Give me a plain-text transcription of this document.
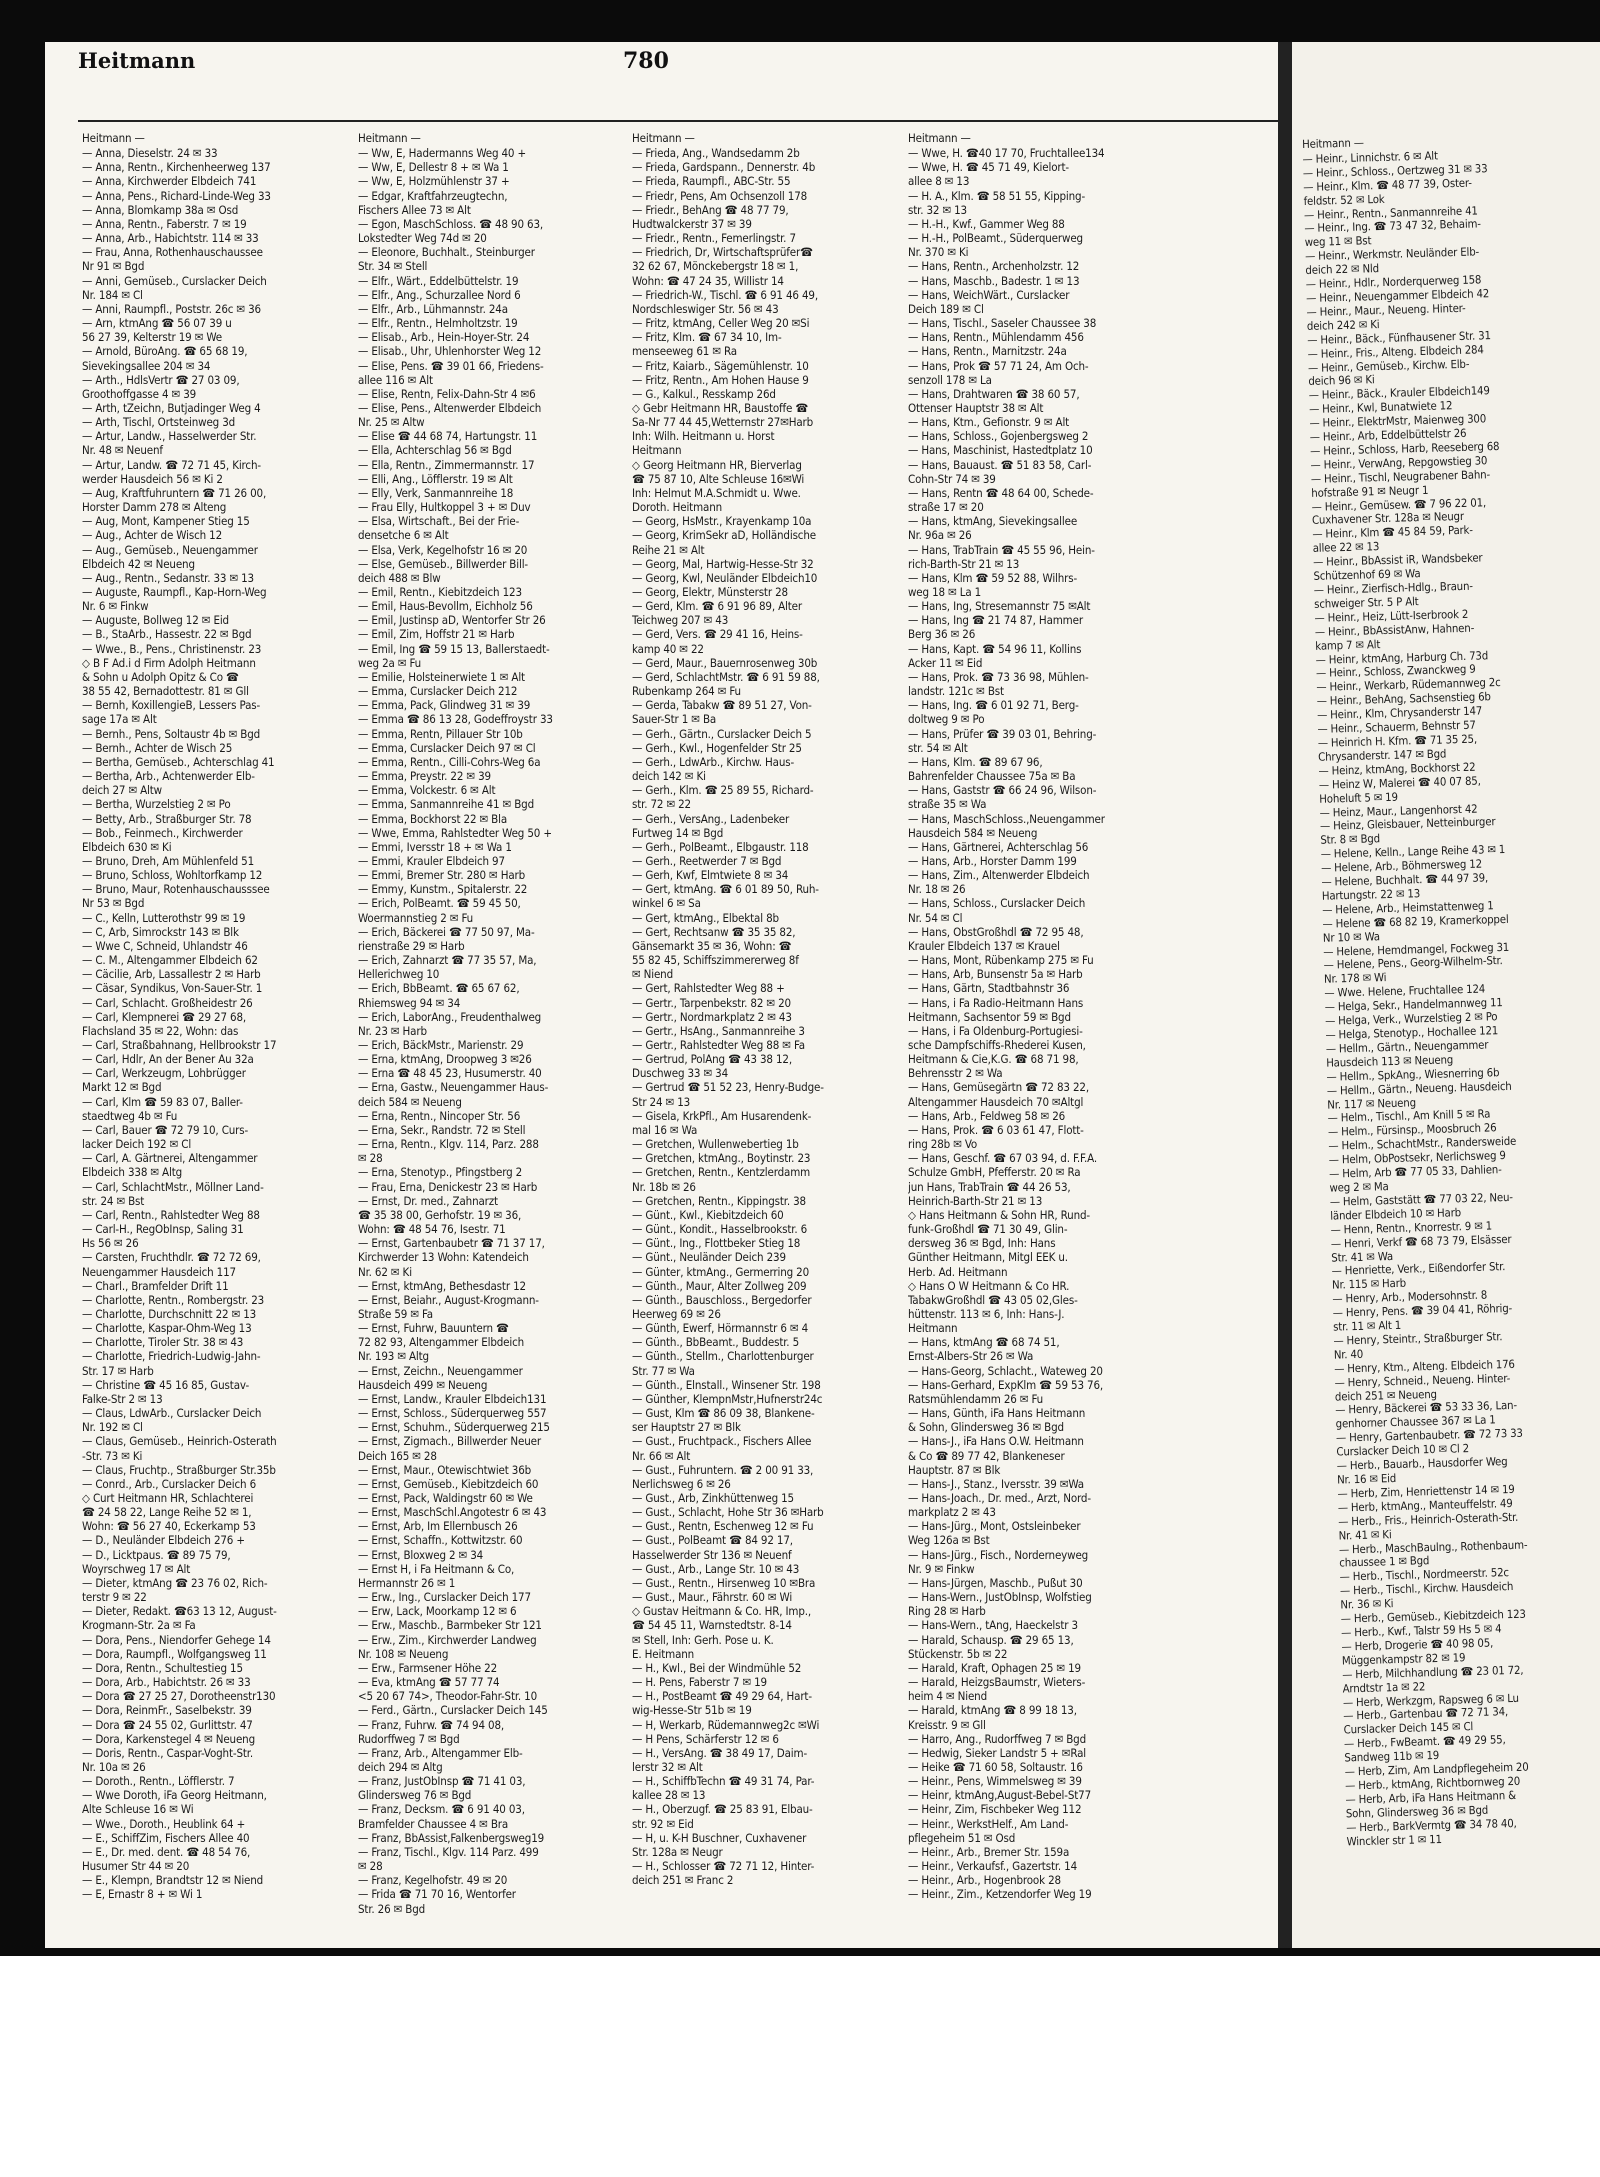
Heitmann	780
Heitmann —
— Anna, Dieselstr. 24 ✉ 33
— Anna, Rentn., Kirchenheerweg 137
— Anna, Kirchwerder Elbdeich 741
— Anna, Pens., Richard-Linde-Weg 33
— Anna, Blomkamp 38a ✉ Osd
— Anna, Rentn., Faberstr. 7 ✉ 19
— Anna, Arb., Habichtstr. 114 ✉ 33
— Frau, Anna, Rothenhauschaussee
Nr 91 ✉ Bgd
— Anni, Gemüseb., Curslacker Deich
Nr. 184 ✉ Cl
— Anni, Raumpfl., Poststr. 26c ✉ 36
— Arn, ktmAng ☎ 56 07 39 u
56 27 39, Kelterstr 19 ✉ We
— Arnold, BüroAng. ☎ 65 68 19,
Sievekingsallee 204 ✉ 34
— Arth., HdlsVertr ☎ 27 03 09,
Groothoffgasse 4 ✉ 39
— Arth, tZeichn, Butjadinger Weg 4
— Arth, Tischl, Ortsteinweg 3d
— Artur, Landw., Hasselwerder Str.
Nr. 48 ✉ Neuenf
— Artur, Landw. ☎ 72 71 45, Kirch-
werder Hausdeich 56 ✉ Ki 2
— Aug, Kraftfuhruntern ☎ 71 26 00,
Horster Damm 278 ✉ Alteng
— Aug, Mont, Kampener Stieg 15
— Aug., Achter de Wisch 12
— Aug., Gemüseb., Neuengammer
Elbdeich 42 ✉ Neueng
— Aug., Rentn., Sedanstr. 33 ✉ 13
— Auguste, Raumpfl., Kap-Horn-Weg
Nr. 6 ✉ Finkw
— Auguste, Bollweg 12 ✉ Eid
— B., StaArb., Hassestr. 22 ✉ Bgd
— Wwe., B., Pens., Christinenstr. 23
◇ B F Ad.i d Firm Adolph Heitmann
& Sohn u Adolph Opitz & Co ☎
38 55 42, Bernadottestr. 81 ✉ Gll
— Bernh, KoxillengieB, Lessers Pas-
sage 17a ✉ Alt
— Bernh., Pens, Soltaustr 4b ✉ Bgd
— Bernh., Achter de Wisch 25
— Bertha, Gemüseb., Achterschlag 41
— Bertha, Arb., Achtenwerder Elb-
deich 27 ✉ Altw
— Bertha, Wurzelstieg 2 ✉ Po
— Betty, Arb., Straßburger Str. 78
— Bob., Feinmech., Kirchwerder
Elbdeich 630 ✉ Ki
— Bruno, Dreh, Am Mühlenfeld 51
— Bruno, Schloss, Wohltorfkamp 12
— Bruno, Maur, Rotenhauschausssee
Nr 53 ✉ Bgd
— C., Kelln, Lutterothstr 99 ✉ 19
— C, Arb, Simrockstr 143 ✉ Blk
— Wwe C, Schneid, Uhlandstr 46
— C. M., Altengammer Elbdeich 62
— Cäcilie, Arb, Lassallestr 2 ✉ Harb
— Cäsar, Syndikus, Von-Sauer-Str. 1
— Carl, Schlacht. Großheidestr 26
— Carl, Klempnerei ☎ 29 27 68,
Flachsland 35 ✉ 22, Wohn: das
— Carl, Straßbahnang, Hellbrookstr 17
— Carl, Hdlr, An der Bener Au 32a
— Carl, Werkzeugm, Lohbrügger
Markt 12 ✉ Bgd
— Carl, Klm ☎ 59 83 07, Baller-
staedtweg 4b ✉ Fu
— Carl, Bauer ☎ 72 79 10, Curs-
lacker Deich 192 ✉ Cl
— Carl, A. Gärtnerei, Altengammer
Elbdeich 338 ✉ Altg
— Carl, SchlachtMstr., Möllner Land-
str. 24 ✉ Bst
— Carl, Rentn., Rahlstedter Weg 88
— Carl-H., RegObInsp, Saling 31
Hs 56 ✉ 26
— Carsten, Fruchthdlr. ☎ 72 72 69,
Neuengammer Hausdeich 117
— Charl., Bramfelder Drift 11
— Charlotte, Rentn., Rombergstr. 23
— Charlotte, Durchschnitt 22 ✉ 13
— Charlotte, Kaspar-Ohm-Weg 13
— Charlotte, Tiroler Str. 38 ✉ 43
— Charlotte, Friedrich-Ludwig-Jahn-
Str. 17 ✉ Harb
— Christine ☎ 45 16 85, Gustav-
Falke-Str 2 ✉ 13
— Claus, LdwArb., Curslacker Deich
Nr. 192 ✉ Cl
— Claus, Gemüseb., Heinrich-Osterath
-Str. 73 ✉ Ki
— Claus, Fruchtp., Straßburger Str.35b
— Conrd., Arb., Curslacker Deich 6
◇ Curt Heitmann HR, Schlachterei
☎ 24 58 22, Lange Reihe 52 ✉ 1,
Wohn: ☎ 56 27 40, Eckerkamp 53
— D., Neuländer Elbdeich 276 +
— D., Licktpaus. ☎ 89 75 79,
Woyrschweg 17 ✉ Alt
— Dieter, ktmAng ☎ 23 76 02, Rich-
terstr 9 ✉ 22
— Dieter, Redakt. ☎63 13 12, August-
Krogmann-Str. 2a ✉ Fa
— Dora, Pens., Niendorfer Gehege 14
— Dora, Raumpfl., Wolfgangsweg 11
— Dora, Rentn., Schultestieg 15
— Dora, Arb., Habichtstr. 26 ✉ 33
— Dora ☎ 27 25 27, Dorotheenstr130
— Dora, ReinmFr., Saselbekstr. 39
— Dora ☎ 24 55 02, Gurlittstr. 47
— Dora, Karkenstegel 4 ✉ Neueng
— Doris, Rentn., Caspar-Voght-Str.
Nr. 10a ✉ 26
— Doroth., Rentn., Löfflerstr. 7
— Wwe Doroth, iFa Georg Heitmann,
Alte Schleuse 16 ✉ Wi
— Wwe., Doroth., Heublink 64 +
— E., SchiffZim, Fischers Allee 40
— E., Dr. med. dent. ☎ 48 54 76,
Husumer Str 44 ✉ 20
— E., Klempn, Brandtstr 12 ✉ Niend
— E, Ernastr 8 + ✉ Wi 1
Heitmann —
— Ww, E, Hadermanns Weg 40 +
— Ww, E, Dellestr 8 + ✉ Wa 1
— Ww, E, Holzmühlenstr 37 +
— Edgar, Kraftfahrzeugtechn,
Fischers Allee 73 ✉ Alt
— Egon, MaschSchloss. ☎ 48 90 63,
Lokstedter Weg 74d ✉ 20
— Eleonore, Buchhalt., Steinburger
Str. 34 ✉ Stell
— Elfr., Wärt., Eddelbüttelstr. 19
— Elfr., Ang., Schurzallee Nord 6
— Elfr., Arb., Lühmannstr. 24a
— Elfr., Rentn., Helmholtzstr. 19
— Elisab., Arb., Hein-Hoyer-Str. 24
— Elisab., Uhr, Uhlenhorster Weg 12
— Elise, Pens. ☎ 39 01 66, Friedens-
allee 116 ✉ Alt
— Elise, Rentn, Felix-Dahn-Str 4 ✉6
— Elise, Pens., Altenwerder Elbdeich
Nr. 25 ✉ Altw
— Elise ☎ 44 68 74, Hartungstr. 11
— Ella, Achterschlag 56 ✉ Bgd
— Ella, Rentn., Zimmermannstr. 17
— Elli, Ang., Löfflerstr. 19 ✉ Alt
— Elly, Verk, Sanmannreihe 18
— Frau Elly, Hultkoppel 3 + ✉ Duv
— Elsa, Wirtschaft., Bei der Frie-
densetche 6 ✉ Alt
— Elsa, Verk, Kegelhofstr 16 ✉ 20
— Else, Gemüseb., Billwerder Bill-
deich 488 ✉ Blw
— Emil, Rentn., Kiebitzdeich 123
— Emil, Haus-Bevollm, Eichholz 56
— Emil, Justinsp aD, Wentorfer Str 26
— Emil, Zim, Hoffstr 21 ✉ Harb
— Emil, Ing ☎ 59 15 13, Ballerstaedt-
weg 2a ✉ Fu
— Emilie, Holsteinerwiete 1 ✉ Alt
— Emma, Curslacker Deich 212
— Emma, Pack, Glindweg 31 ✉ 39
— Emma ☎ 86 13 28, Godeffroystr 33
— Emma, Rentn, Pillauer Str 10b
— Emma, Curslacker Deich 97 ✉ Cl
— Emma, Rentn., Cilli-Cohrs-Weg 6a
— Emma, Preystr. 22 ✉ 39
— Emma, Volckestr. 6 ✉ Alt
— Emma, Sanmannreihe 41 ✉ Bgd
— Emma, Bockhorst 22 ✉ Bla
— Wwe, Emma, Rahlstedter Weg 50 +
— Emmi, Iversstr 18 + ✉ Wa 1
— Emmi, Krauler Elbdeich 97
— Emmi, Bremer Str. 280 ✉ Harb
— Emmy, Kunstm., Spitalerstr. 22
— Erich, PolBeamt. ☎ 59 45 50,
Woermannstieg 2 ✉ Fu
— Erich, Bäckerei ☎ 77 50 97, Ma-
rienstraße 29 ✉ Harb
— Erich, Zahnarzt ☎ 77 35 57, Ma,
Hellerichweg 10
— Erich, BbBeamt. ☎ 65 67 62,
Rhiemsweg 94 ✉ 34
— Erich, LaborAng., Freudenthalweg
Nr. 23 ✉ Harb
— Erich, BäckMstr., Marienstr. 29
— Erna, ktmAng, Droopweg 3 ✉26
— Erna ☎ 48 45 23, Husumerstr. 40
— Erna, Gastw., Neuengammer Haus-
deich 584 ✉ Neueng
— Erna, Rentn., Nincoper Str. 56
— Erna, Sekr., Randstr. 72 ✉ Stell
— Erna, Rentn., Klgv. 114, Parz. 288
✉ 28
— Erna, Stenotyp., Pfingstberg 2
— Frau, Erna, Denickestr 23 ✉ Harb
— Ernst, Dr. med., Zahnarzt
☎ 35 38 00, Gerhofstr. 19 ✉ 36,
Wohn: ☎ 48 54 76, Isestr. 71
— Ernst, Gartenbaubetr ☎ 71 37 17,
Kirchwerder 13 Wohn: Katendeich
Nr. 62 ✉ Ki
— Ernst, ktmAng, Bethesdastr 12
— Ernst, Beiahr., August-Krogmann-
Straße 59 ✉ Fa
— Ernst, Fuhrw, Bauuntern ☎
72 82 93, Altengammer Elbdeich
Nr. 193 ✉ Altg
— Ernst, Zeichn., Neuengammer
Hausdeich 499 ✉ Neueng
— Ernst, Landw., Krauler Elbdeich131
— Ernst, Schloss., Süderquerweg 557
— Ernst, Schuhm., Süderquerweg 215
— Ernst, Zigmach., Billwerder Neuer
Deich 165 ✉ 28
— Ernst, Maur., Otewischtwiet 36b
— Ernst, Gemüseb., Kiebitzdeich 60
— Ernst, Pack, Waldingstr 60 ✉ We
— Ernst, MaschSchl.Angotestr 6 ✉ 43
— Ernst, Arb, Im Ellernbusch 26
— Ernst, Schaffn., Kottwitzstr. 60
— Ernst, Bloxweg 2 ✉ 34
— Ernst H, i Fa Heitmann & Co,
Hermannstr 26 ✉ 1
— Erw., Ing., Curslacker Deich 177
— Erw, Lack, Moorkamp 12 ✉ 6
— Erw., Maschb., Barmbeker Str 121
— Erw., Zim., Kirchwerder Landweg
Nr. 108 ✉ Neueng
— Erw., Farmsener Höhe 22
— Eva, ktmAng ☎ 57 77 74
<5 20 67 74>, Theodor-Fahr-Str. 10
— Ferd., Gärtn., Curslacker Deich 145
— Franz, Fuhrw. ☎ 74 94 08,
Rudorffweg 7 ✉ Bgd
— Franz, Arb., Altengammer Elb-
deich 294 ✉ Altg
— Franz, JustObInsp ☎ 71 41 03,
Glindersweg 76 ✉ Bgd
— Franz, Decksm. ☎ 6 91 40 03,
Bramfelder Chaussee 4 ✉ Bra
— Franz, BbAssist,Falkenbergsweg19
— Franz, Tischl., Klgv. 114 Parz. 499
✉ 28
— Franz, Kegelhofstr. 49 ✉ 20
— Frida ☎ 71 70 16, Wentorfer
Str. 26 ✉ Bgd
Heitmann —
— Frieda, Ang., Wandsedamm 2b
— Frieda, Gardspann., Dennerstr. 4b
— Frieda, Raumpfl., ABC-Str. 55
— Friedr, Pens, Am Ochsenzoll 178
— Friedr., BehAng ☎ 48 77 79,
Hudtwalckerstr 37 ✉ 39
— Friedr., Rentn., Femerlingstr. 7
— Friedrich, Dr, Wirtschaftsprüfer☎
32 62 67, Mönckebergstr 18 ✉ 1,
Wohn: ☎ 47 24 35, Willistr 14
— Friedrich-W., Tischl. ☎ 6 91 46 49,
Nordschleswiger Str. 56 ✉ 43
— Fritz, ktmAng, Celler Weg 20 ✉Si
— Fritz, Klm. ☎ 67 34 10, Im-
menseeweg 61 ✉ Ra
— Fritz, Kaiarb., Sägemühlenstr. 10
— Fritz, Rentn., Am Hohen Hause 9
— G., Kalkul., Resskamp 26d
◇ Gebr Heitmann HR, Baustoffe ☎
Sa-Nr 77 44 45,Wetternstr 27✉Harb
Inh: Wilh. Heitmann u. Horst
Heitmann
◇ Georg Heitmann HR, Bierverlag
☎ 75 87 10, Alte Schleuse 16✉Wi
Inh: Helmut M.A.Schmidt u. Wwe.
Doroth. Heitmann
— Georg, HsMstr., Krayenkamp 10a
— Georg, KrimSekr aD, Holländische
Reihe 21 ✉ Alt
— Georg, Mal, Hartwig-Hesse-Str 32
— Georg, Kwl, Neuländer Elbdeich10
— Georg, Elektr, Münsterstr 28
— Gerd, Klm. ☎ 6 91 96 89, Alter
Teichweg 207 ✉ 43
— Gerd, Vers. ☎ 29 41 16, Heins-
kamp 40 ✉ 22
— Gerd, Maur., Bauernrosenweg 30b
— Gerd, SchlachtMstr. ☎ 6 91 59 88,
Rubenkamp 264 ✉ Fu
— Gerda, Tabakw ☎ 89 51 27, Von-
Sauer-Str 1 ✉ Ba
— Gerh., Gärtn., Curslacker Deich 5
— Gerh., Kwl., Hogenfelder Str 25
— Gerh., LdwArb., Kirchw. Haus-
deich 142 ✉ Ki
— Gerh., Klm. ☎ 25 89 55, Richard-
str. 72 ✉ 22
— Gerh., VersAng., Ladenbeker
Furtweg 14 ✉ Bgd
— Gerh., PolBeamt., Elbgaustr. 118
— Gerh., Reetwerder 7 ✉ Bgd
— Gerh, Kwf, Elmtwiete 8 ✉ 34
— Gert, ktmAng. ☎ 6 01 89 50, Ruh-
winkel 6 ✉ Sa
— Gert, ktmAng., Elbektal 8b
— Gert, Rechtsanw ☎ 35 35 82,
Gänsemarkt 35 ✉ 36, Wohn: ☎
55 82 45, Schiffszimmererweg 8f
✉ Niend
— Gert, Rahlstedter Weg 88 +
— Gertr., Tarpenbekstr. 82 ✉ 20
— Gertr., Nordmarkplatz 2 ✉ 43
— Gertr., HsAng., Sanmannreihe 3
— Gertr., Rahlstedter Weg 88 ✉ Fa
— Gertrud, PolAng ☎ 43 38 12,
Duschweg 33 ✉ 34
— Gertrud ☎ 51 52 23, Henry-Budge-
Str 24 ✉ 13
— Gisela, KrkPfl., Am Husarendenk-
mal 16 ✉ Wa
— Gretchen, Wullenwebertieg 1b
— Gretchen, ktmAng., Boytinstr. 23
— Gretchen, Rentn., Kentzlerdamm
Nr. 18b ✉ 26
— Gretchen, Rentn., Kippingstr. 38
— Günt., Kwl., Kiebitzdeich 60
— Günt., Kondit., Hasselbrookstr. 6
— Günt., Ing., Flottbeker Stieg 18
— Günt., Neuländer Deich 239
— Günter, ktmAng., Germerring 20
— Günth., Maur, Alter Zollweg 209
— Günth., Bauschloss., Bergedorfer
Heerweg 69 ✉ 26
— Günth, Ewerf, Hörmannstr 6 ✉ 4
— Günth., BbBeamt., Buddestr. 5
— Günth., Stellm., Charlottenburger
Str. 77 ✉ Wa
— Günth., Elnstall., Winsener Str. 198
— Günther, KlempnMstr,Hufnerstr24c
— Gust, Klm ☎ 86 09 38, Blankene-
ser Hauptstr 27 ✉ Blk
— Gust., Fruchtpack., Fischers Allee
Nr. 66 ✉ Alt
— Gust., Fuhruntern. ☎ 2 00 91 33,
Nerlichsweg 6 ✉ 26
— Gust., Arb, Zinkhüttenweg 15
— Gust., Schlacht, Hohe Str 36 ✉Harb
— Gust., Rentn, Eschenweg 12 ✉ Fu
— Gust., PolBeamt ☎ 84 92 17,
Hasselwerder Str 136 ✉ Neuenf
— Gust., Arb., Lange Str. 10 ✉ 43
— Gust., Rentn., Hirsenweg 10 ✉Bra
— Gust., Maur., Fährstr. 60 ✉ Wi
◇ Gustav Heitmann & Co. HR, Imp.,
☎ 54 45 11, Warnstedtstr. 8-14
✉ Stell, Inh: Gerh. Pose u. K.
E. Heitmann
— H., Kwl., Bei der Windmühle 52
— H. Pens, Faberstr 7 ✉ 19
— H., PostBeamt ☎ 49 29 64, Hart-
wig-Hesse-Str 51b ✉ 19
— H, Werkarb, Rüdemannweg2c ✉Wi
— H Pens, Schärferstr 12 ✉ 6
— H., VersAng. ☎ 38 49 17, Daim-
lerstr 32 ✉ Alt
— H., SchiffbTechn ☎ 49 31 74, Par-
kallee 28 ✉ 13
— H., Oberzugf. ☎ 25 83 91, Elbau-
str. 92 ✉ Eid
— H, u. K-H Buschner, Cuxhavener
Str. 128a ✉ Neugr
— H., Schlosser ☎ 72 71 12, Hinter-
deich 251 ✉ Franc 2
Heitmann —
— Wwe, H. ☎40 17 70, Fruchtallee134
— Wwe, H. ☎ 45 71 49, Kielort-
allee 8 ✉ 13
— H. A., Klm. ☎ 58 51 55, Kipping-
str. 32 ✉ 13
— H.-H., Kwf., Gammer Weg 88
— H.-H., PolBeamt., Süderquerweg
Nr. 370 ✉ Ki
— Hans, Rentn., Archenholzstr. 12
— Hans, Maschb., Badestr. 1 ✉ 13
— Hans, WeichWärt., Curslacker
Deich 189 ✉ Cl
— Hans, Tischl., Saseler Chaussee 38
— Hans, Rentn., Mühlendamm 456
— Hans, Rentn., Marnitzstr. 24a
— Hans, Prok ☎ 57 71 24, Am Och-
senzoll 178 ✉ La
— Hans, Drahtwaren ☎ 38 60 57,
Ottenser Hauptstr 38 ✉ Alt
— Hans, Ktm., Gefionstr. 9 ✉ Alt
— Hans, Schloss., Gojenbergsweg 2
— Hans, Maschinist, Hastedtplatz 10
— Hans, Bauaust. ☎ 51 83 58, Carl-
Cohn-Str 74 ✉ 39
— Hans, Rentn ☎ 48 64 00, Schede-
straße 17 ✉ 20
— Hans, ktmAng, Sievekingsallee
Nr. 96a ✉ 26
— Hans, TrabTrain ☎ 45 55 96, Hein-
rich-Barth-Str 21 ✉ 13
— Hans, Klm ☎ 59 52 88, Wilhrs-
weg 18 ✉ La 1
— Hans, Ing, Stresemannstr 75 ✉Alt
— Hans, Ing ☎ 21 74 87, Hammer
Berg 36 ✉ 26
— Hans, Kapt. ☎ 54 96 11, Kollins
Acker 11 ✉ Eid
— Hans, Prok. ☎ 73 36 98, Mühlen-
landstr. 121c ✉ Bst
— Hans, Ing. ☎ 6 01 92 71, Berg-
doltweg 9 ✉ Po
— Hans, Prüfer ☎ 39 03 01, Behring-
str. 54 ✉ Alt
— Hans, Klm. ☎ 89 67 96,
Bahrenfelder Chaussee 75a ✉ Ba
— Hans, Gaststr ☎ 66 24 96, Wilson-
straße 35 ✉ Wa
— Hans, MaschSchloss.,Neuengammer
Hausdeich 584 ✉ Neueng
— Hans, Gärtnerei, Achterschlag 56
— Hans, Arb., Horster Damm 199
— Hans, Zim., Altenwerder Elbdeich
Nr. 18 ✉ 26
— Hans, Schloss., Curslacker Deich
Nr. 54 ✉ Cl
— Hans, ObstGroßhdl ☎ 72 95 48,
Krauler Elbdeich 137 ✉ Krauel
— Hans, Mont, Rübenkamp 275 ✉ Fu
— Hans, Arb, Bunsenstr 5a ✉ Harb
— Hans, Gärtn, Stadtbahnstr 36
— Hans, i Fa Radio-Heitmann Hans
Heitmann, Sachsentor 59 ✉ Bgd
— Hans, i Fa Oldenburg-Portugiesi-
sche Dampfschiffs-Rhederei Kusen,
Heitmann & Cie,K.G. ☎ 68 71 98,
Behrensstr 2 ✉ Wa
— Hans, Gemüsegärtn ☎ 72 83 22,
Altengammer Hausdeich 70 ✉Altgl
— Hans, Arb., Feldweg 58 ✉ 26
— Hans, Prok. ☎ 6 03 61 47, Flott-
ring 28b ✉ Vo
— Hans, Geschf. ☎ 67 03 94, d. F.F.A.
Schulze GmbH, Pfefferstr. 20 ✉ Ra
jun Hans, TrabTrain ☎ 44 26 53,
Heinrich-Barth-Str 21 ✉ 13
◇ Hans Heitmann & Sohn HR, Rund-
funk-Großhdl ☎ 71 30 49, Glin-
dersweg 36 ✉ Bgd, Inh: Hans
Günther Heitmann, Mitgl EEK u.
Herb. Ad. Heitmann
◇ Hans O W Heitmann & Co HR.
TabakwGroßhdl ☎ 43 05 02,Gles-
hüttenstr. 113 ✉ 6, Inh: Hans-J.
Heitmann
— Hans, ktmAng ☎ 68 74 51,
Ernst-Albers-Str 26 ✉ Wa
— Hans-Georg, Schlacht., Wateweg 20
— Hans-Gerhard, ExpKlm ☎ 59 53 76,
Ratsmühlendamm 26 ✉ Fu
— Hans, Günth, iFa Hans Heitmann
& Sohn, Glindersweg 36 ✉ Bgd
— Hans-J., iFa Hans O.W. Heitmann
& Co ☎ 89 77 42, Blankeneser
Hauptstr. 87 ✉ Blk
— Hans-J., Stanz., Iversstr. 39 ✉Wa
— Hans-Joach., Dr. med., Arzt, Nord-
markplatz 2 ✉ 43
— Hans-Jürg., Mont, Ostsleinbeker
Weg 126a ✉ Bst
— Hans-Jürg., Fisch., Norderneyweg
Nr. 9 ✉ Finkw
— Hans-Jürgen, Maschb., Pußut 30
— Hans-Wern., JustObInsp, Wolfstieg
Ring 28 ✉ Harb
— Hans-Wern., tAng, Haeckelstr 3
— Harald, Schausp. ☎ 29 65 13,
Stückenstr. 5b ✉ 22
— Harald, Kraft, Ophagen 25 ✉ 19
— Harald, HeizgsBaumstr, Wieters-
heim 4 ✉ Niend
— Harald, ktmAng ☎ 8 99 18 13,
Kreisstr. 9 ✉ Gll
— Harro, Ang., Rudorffweg 7 ✉ Bgd
— Hedwig, Sieker Landstr 5 + ✉Ral
— Heike ☎ 71 60 58, Soltaustr. 16
— Heinr., Pens, Wimmelsweg ✉ 39
— Heinr, ktmAng,August-Bebel-St77
— Heinr, Zim, Fischbeker Weg 112
— Heinr., WerkstHelf., Am Land-
pflegeheim 51 ✉ Osd
— Heinr., Arb., Bremer Str. 159a
— Heinr., Verkaufsf., Gazertstr. 14
— Heinr., Arb., Hogenbrook 28
— Heinr., Zim., Ketzendorfer Weg 19
Heitmann —
— Heinr., Linnichstr. 6 ✉ Alt
— Heinr., Schloss., Oertzweg 31 ✉ 33
— Heinr., Klm. ☎ 48 77 39, Oster-
feldstr. 52 ✉ Lok
— Heinr., Rentn., Sanmannreihe 41
— Heinr., Ing. ☎ 73 47 32, Behaim-
weg 11 ✉ Bst
— Heinr., Werkmstr. Neuländer Elb-
deich 22 ✉ Nld
— Heinr., Hdlr., Norderquerweg 158
— Heinr., Neuengammer Elbdeich 42
— Heinr., Maur., Neueng. Hinter-
deich 242 ✉ Ki
— Heinr., Bäck., Fünfhausener Str. 31
— Heinr., Fris., Alteng. Elbdeich 284
— Heinr., Gemüseb., Kirchw. Elb-
deich 96 ✉ Ki
— Heinr., Bäck., Krauler Elbdeich149
— Heinr., Kwl, Bunatwiete 12
— Heinr., ElektrMstr, Maienweg 300
— Heinr., Arb, Eddelbüttelstr 26
— Heinr., Schloss, Harb, Reeseberg 68
— Heinr., VerwAng, Repgowstieg 30
— Heinr., Tischl, Neugrabener Bahn-
hofstraße 91 ✉ Neugr 1
— Heinr., Gemüsew. ☎ 7 96 22 01,
Cuxhavener Str. 128a ✉ Neugr
— Heinr., Klm ☎ 45 84 59, Park-
allee 22 ✉ 13
— Heinr., BbAssist iR, Wandsbeker
Schützenhof 69 ✉ Wa
— Heinr., Zierfisch-Hdlg., Braun-
schweiger Str. 5 P Alt
— Heinr., Heiz, Lütt-Iserbrook 2
— Heinr., BbAssistAnw, Hahnen-
kamp 7 ✉ Alt
— Heinr, ktmAng, Harburg Ch. 73d
— Heinr., Schloss, Zwanckweg 9
— Heinr., Werkarb, Rüdemannweg 2c
— Heinr., BehAng, Sachsenstieg 6b
— Heinr., Klm, Chrysanderstr 147
— Heinr., Schauerm, Behnstr 57
— Heinrich H. Kfm. ☎ 71 35 25,
Chrysanderstr. 147 ✉ Bgd
— Heinz, ktmAng, Bockhorst 22
— Heinz W, Malerei ☎ 40 07 85,
Hoheluft 5 ✉ 19
— Heinz, Maur., Langenhorst 42
— Heinz, Gleisbauer, Netteinburger
Str. 8 ✉ Bgd
— Helene, Kelln., Lange Reihe 43 ✉ 1
— Helene, Arb., Böhmersweg 12
— Helene, Buchhalt. ☎ 44 97 39,
Hartungstr. 22 ✉ 13
— Helene, Arb., Heimstattenweg 1
— Helene ☎ 68 82 19, Kramerkoppel
Nr 10 ✉ Wa
— Helene, Hemdmangel, Fockweg 31
— Helene, Pens., Georg-Wilhelm-Str.
Nr. 178 ✉ Wi
— Wwe. Helene, Fruchtallee 124
— Helga, Sekr., Handelmannweg 11
— Helga, Verk., Wurzelstieg 2 ✉ Po
— Helga, Stenotyp., Hochallee 121
— Hellm., Gärtn., Neuengammer
Hausdeich 113 ✉ Neueng
— Hellm., SpkAng., Wiesnerring 6b
— Hellm., Gärtn., Neueng. Hausdeich
Nr. 117 ✉ Neueng
— Helm., Tischl., Am Knill 5 ✉ Ra
— Helm., Fürsinsp., Moosbruch 26
— Helm., SchachtMstr., Randersweide
— Helm, ObPostsekr, Nerlichsweg 9
— Helm, Arb ☎ 77 05 33, Dahlien-
weg 2 ✉ Ma
— Helm, Gaststätt ☎ 77 03 22, Neu-
länder Elbdeich 10 ✉ Harb
— Henn, Rentn., Knorrestr. 9 ✉ 1
— Henri, Verkf ☎ 68 73 79, Elsässer
Str. 41 ✉ Wa
— Henriette, Verk., Eißendorfer Str.
Nr. 115 ✉ Harb
— Henry, Arb., Modersohnstr. 8
— Henry, Pens. ☎ 39 04 41, Röhrig-
str. 11 ✉ Alt 1
— Henry, Steintr., Straßburger Str.
Nr. 40
— Henry, Ktm., Alteng. Elbdeich 176
— Henry, Schneid., Neueng. Hinter-
deich 251 ✉ Neueng
— Henry, Bäckerei ☎ 53 33 36, Lan-
genhorner Chaussee 367 ✉ La 1
— Henry, Gartenbaubetr. ☎ 72 73 33
Curslacker Deich 10 ✉ Cl 2
— Herb., Bauarb., Hausdorfer Weg
Nr. 16 ✉ Eid
— Herb, Zim, Henriettenstr 14 ✉ 19
— Herb, ktmAng., Manteuffelstr. 49
— Herb., Fris., Heinrich-Osterath-Str.
Nr. 41 ✉ Ki
— Herb., MaschBaulng., Rothenbaum-
chaussee 1 ✉ Bgd
— Herb., Tischl., Nordmeerstr. 52c
— Herb., Tischl., Kirchw. Hausdeich
Nr. 36 ✉ Ki
— Herb., Gemüseb., Kiebitzdeich 123
— Herb., Kwf., Talstr 59 Hs 5 ✉ 4
— Herb, Drogerie ☎ 40 98 05,
Müggenkampstr 82 ✉ 19
— Herb, Milchhandlung ☎ 23 01 72,
Arndtstr 1a ✉ 22
— Herb, Werkzgm, Rapsweg 6 ✉ Lu
— Herb., Gartenbau ☎ 72 71 34,
Curslacker Deich 145 ✉ Cl
— Herb., FwBeamt. ☎ 49 29 55,
Sandweg 11b ✉ 19
— Herb, Zim, Am Landpflegeheim 20
— Herb., ktmAng, Richtbornweg 20
— Herb, Arb, iFa Hans Heitmann &
Sohn, Glindersweg 36 ✉ Bgd
— Herb., BarkVermtg ☎ 34 78 40,
Winckler str 1 ✉ 11
